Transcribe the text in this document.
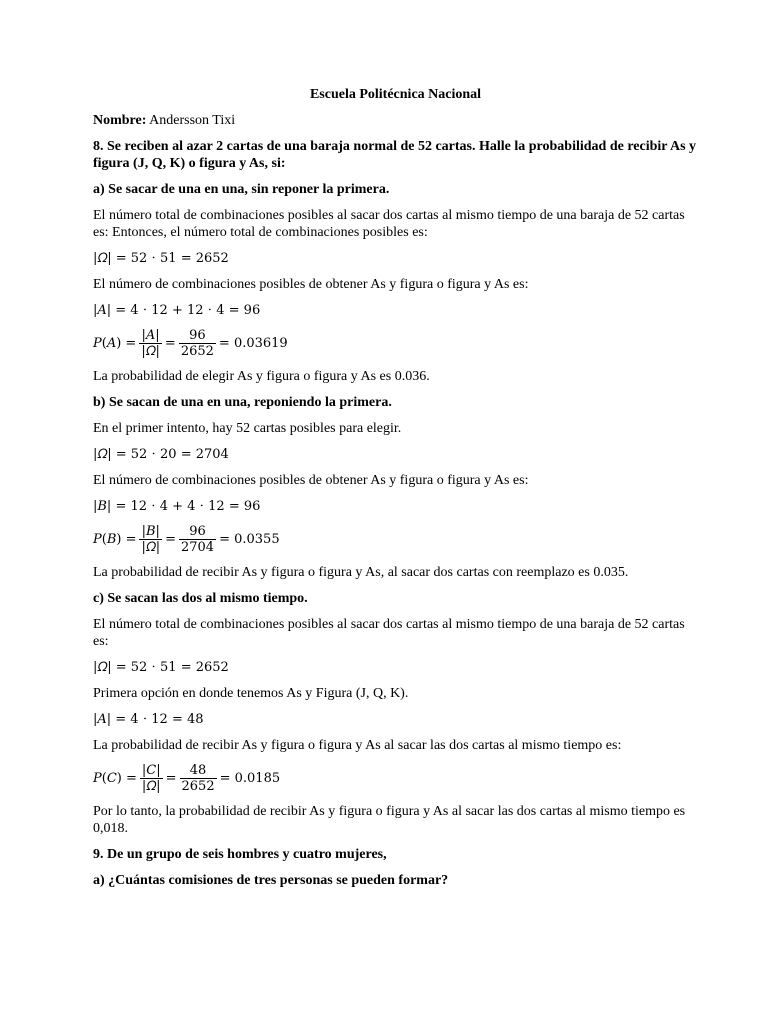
Escuela Politécnica Nacional

Nombre: Andersson Tixi

8. Se reciben al azar 2 cartas de una baraja normal de 52 cartas. Halle la probabilidad de recibir As y figura (J, Q, K) o figura y As, si:

a) Se sacar de una en una, sin reponer la primera.

El número total de combinaciones posibles al sacar dos cartas al mismo tiempo de una baraja de 52 cartas es: Entonces, el número total de combinaciones posibles es:

|𝛺| = 52 ⋅ 51 = 2652

El número de combinaciones posibles de obtener As y figura o figura y As es:

|𝐴| = 4 ⋅ 12 + 12 ⋅ 4 = 96

𝑃(𝐴) = $\frac{\text{|𝐴|}}{\text{|𝛺|}} = \frac{96}{2652} = 0.03619$

La probabilidad de elegir As y figura o figura y As es 0.036.

b) Se sacan de una en una, reponiendo la primera.

En el primer intento, hay 52 cartas posibles para elegir.

|𝛺| = 52 ⋅ 20 = 2704

El número de combinaciones posibles de obtener As y figura o figura y As es:

|𝐵| = 12 ⋅ 4 + 4 ⋅ 12 = 96

𝑃(𝐵) = $\frac{\text{|𝐵|}}{\text{|𝛺|}} = \frac{96}{2704} = 0.0355$

La probabilidad de recibir As y figura o figura y As, al sacar dos cartas con reemplazo es 0.035.

c) Se sacan las dos al mismo tiempo.

El número total de combinaciones posibles al sacar dos cartas al mismo tiempo de una baraja de 52 cartas es:

|𝛺| = 52 ⋅ 51 = 2652

Primera opción en donde tenemos As y Figura (J, Q, K).

|𝐴| = 4 ⋅ 12 = 48

La probabilidad de recibir As y figura o figura y As al sacar las dos cartas al mismo tiempo es:

𝑃(𝐶) = $\frac{\text{|𝐶|}}{\text{|𝛺|}} = \frac{48}{2652} = 0.0185$

Por lo tanto, la probabilidad de recibir As y figura o figura y As al sacar las dos cartas al mismo tiempo es 0,018.

9. De un grupo de seis hombres y cuatro mujeres,

a) ¿Cuántas comisiones de tres personas se pueden formar?
